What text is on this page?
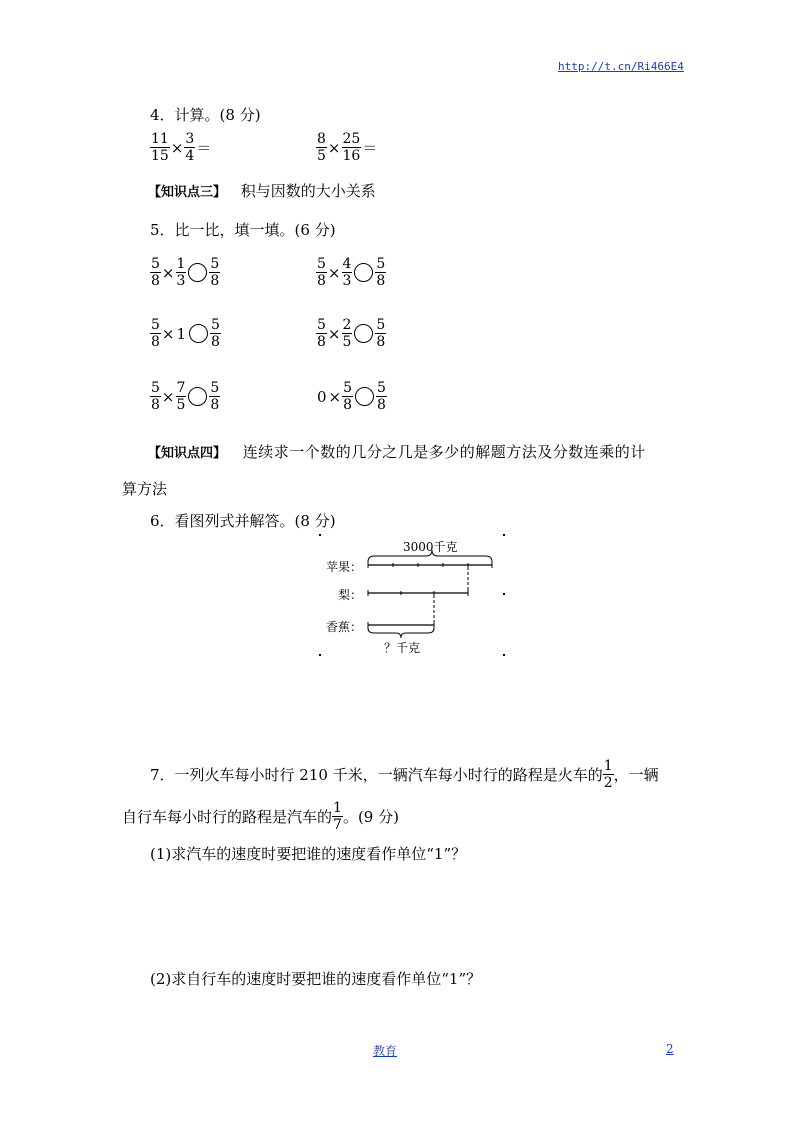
http://t.cn/Ri466E4
4．计算。(8 分)
$\frac{11}{15} \times \frac{3}{4}$ ＝	$\frac{8}{5} \times \frac{25}{16}$ ＝
【知识点三】 积与因数的大小关系
5．比一比，填一填。(6 分)
$\frac{5}{8} \times \frac{1}{3} \frac{5}{8}$	$\frac{5}{8} \times \frac{4}{3} \frac{5}{8}$
$\frac{5}{8} \times 1 \frac{5}{8}$	$\frac{5}{8} \times \frac{2}{5} \frac{5}{8}$
$\frac{5}{8} \times \frac{7}{5} \frac{5}{8}$	$0 \times \frac{5}{8} \frac{5}{8}$
【知识点四】 连续求一个数的几分之几是多少的解题方法及分数连乘的计
算方法
6．看图列式并解答。(8 分)
3000千克
苹果：
梨：
香蕉：
？千克
7．一列火车每小时行 210 千米，一辆汽车每小时行的路程是火车的 $\frac{1}{2}$ ，一辆
自行车每小时行的路程是汽车的 $\frac{1}{7}$ 。(9 分)
(1)求汽车的速度时要把谁的速度看作单位“1”？
(2)求自行车的速度时要把谁的速度看作单位“1”？
教育	2
